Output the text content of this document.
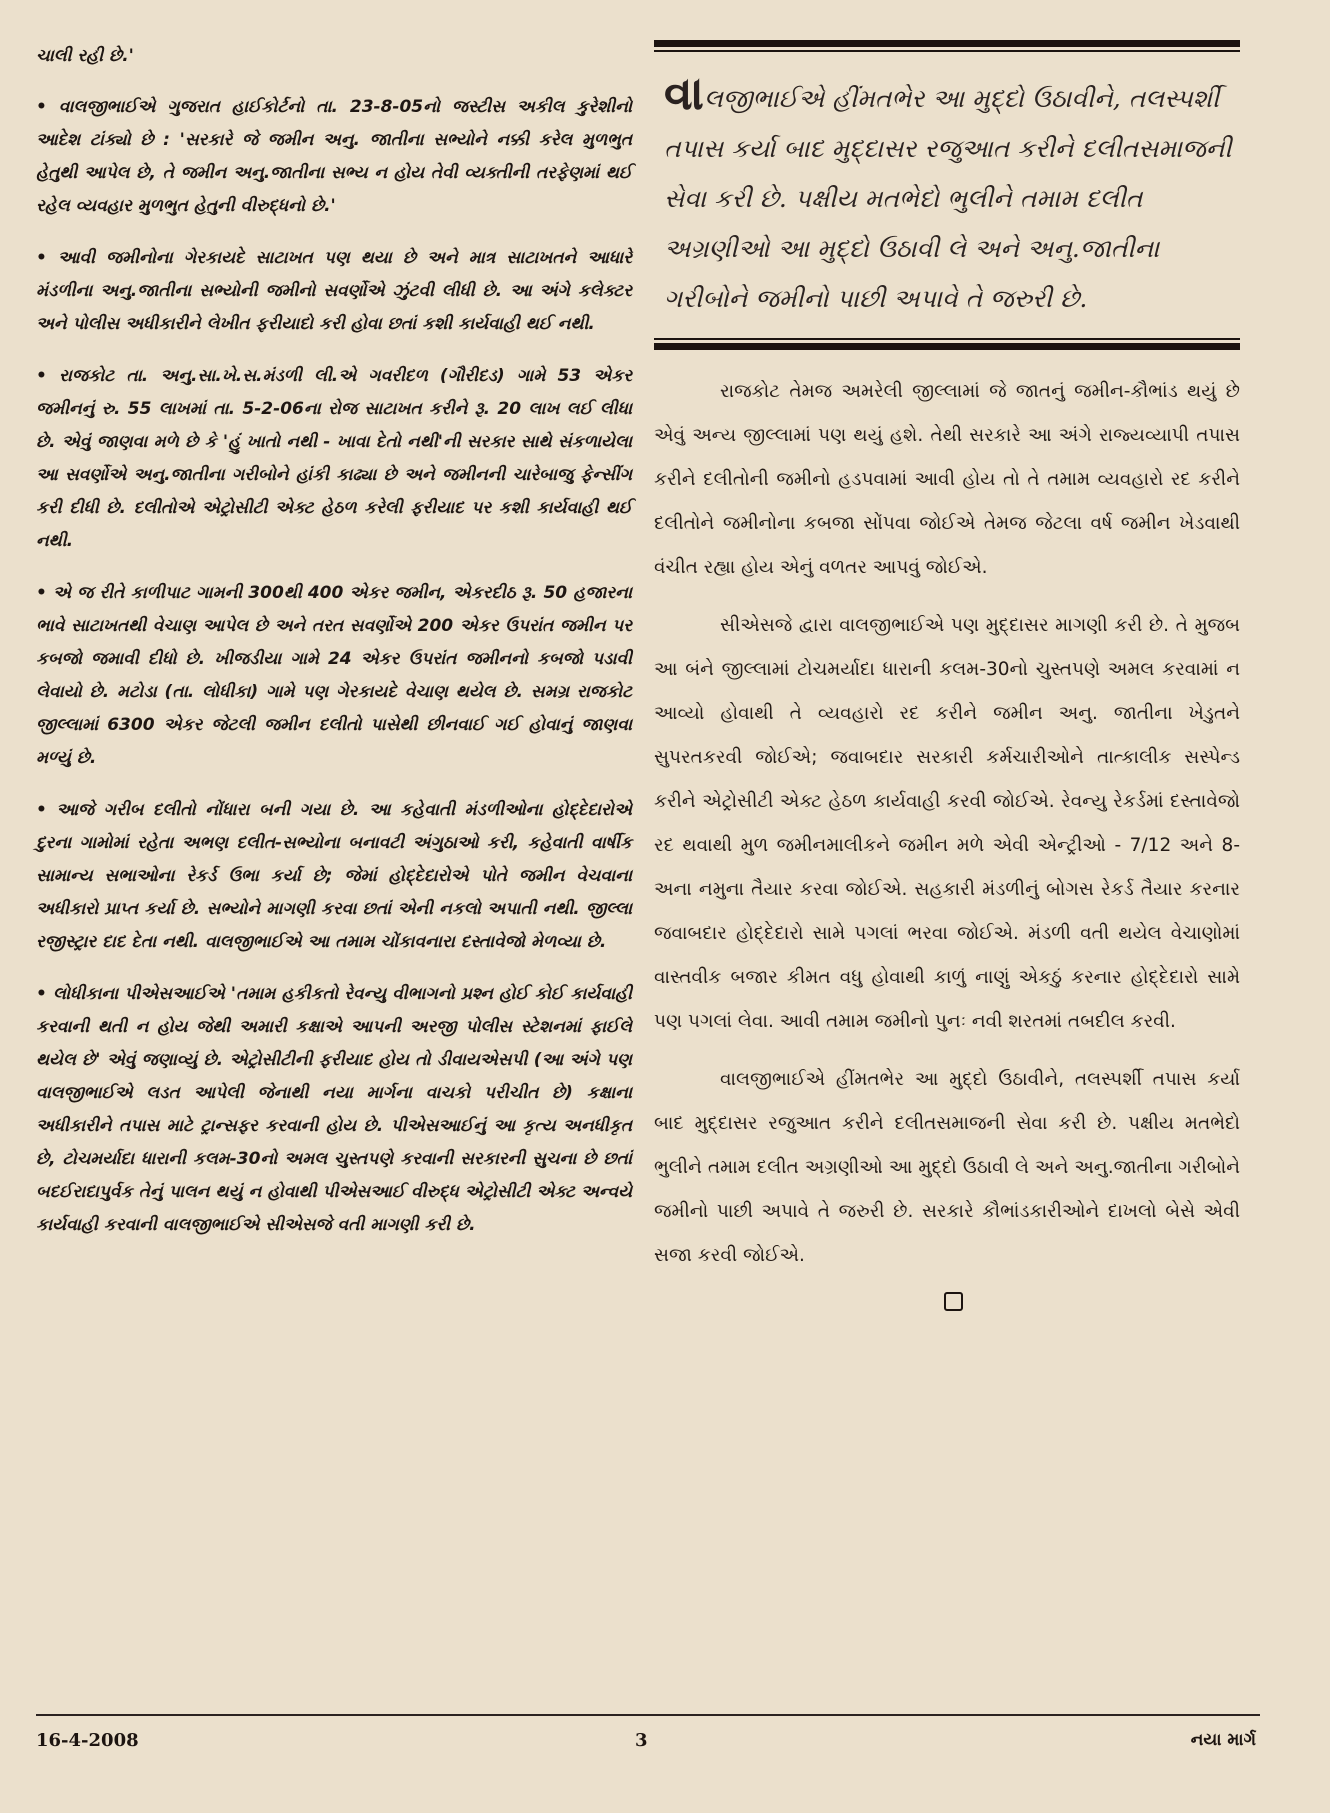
ચાલી રહી છે.'

• વાલજીભાઈએ ગુજરાત હાઈકોર્ટનો તા. 23-8-05નો જસ્ટીસ અકીલ કુરેશીનો આદેશ ટાંક્યો છે : 'સરકારે જે જમીન અનુ. જાતીના સભ્યોને નક્કી કરેલ મુળભુત હેતુથી આપેલ છે, તે જમીન અનુ.જાતીના સભ્ય ન હોય તેવી વ્યક્તીની તરફેણમાં થઈ રહેલ વ્યવહાર મુળભુત હેતુની વીરુદ્ધનો છે.'

• આવી જમીનોના ગેરકાયદે સાટાખત પણ થયા છે અને માત્ર સાટાખતને આધારે મંડળીના અનુ.જાતીના સભ્યોની જમીનો સવર્ણોએ ઝુંટવી લીધી છે. આ અંગે કલેક્ટર અને પોલીસ અધીકારીને લેખીત ફરીયાદો કરી હોવા છતાં કશી કાર્યવાહી થઈ નથી.

• રાજકોટ તા. અનુ.સા.ખે.સ.મંડળી લી.એ ગવરીદળ (ગૌરીદડ) ગામે 53 એકર જમીનનું રુ. 55 લાખમાં તા. 5-2-06ના રોજ સાટાખત કરીને રૂ. 20 લાખ લઈ લીધા છે. એવું જાણવા મળે છે કે 'હું ખાતો નથી - ખાવા દેતો નથી'ની સરકાર સાથે સંકળાયેલા આ સવર્ણોએ અનુ.જાતીના ગરીબોને હાંકી કાઢ્યા છે અને જમીનની ચારેબાજુ ફેન્સીંગ કરી દીધી છે. દલીતોએ એટ્રોસીટી એક્ટ હેઠળ કરેલી ફરીયાદ પર કશી કાર્યવાહી થઈ નથી.

• એ જ રીતે કાળીપાટ ગામની 300થી 400 એકર જમીન, એકરદીઠ રૂ. 50 હજારના ભાવે સાટાખતથી વેચાણ આપેલ છે અને તરત સવર્ણોએ 200 એકર ઉપરાંત જમીન પર કબજો જમાવી દીધો છે. ખીજડીયા ગામે 24 એકર ઉપરાંત જમીનનો કબજો પડાવી લેવાયો છે. મટોડા (તા. લોધીકા) ગામે પણ ગેરકાયદે વેચાણ થયેલ છે. સમગ્ર રાજકોટ જીલ્લામાં 6300 એકર જેટલી જમીન દલીતો પાસેથી છીનવાઈ ગઈ હોવાનું જાણવા મળ્યું છે.

• આજે ગરીબ દલીતો નોંધારા બની ગયા છે. આ કહેવાતી મંડળીઓના હોદ્દેદારોએ દુરના ગામોમાં રહેતા અભણ દલીત-સભ્યોના બનાવટી અંગુઠાઓ કરી, કહેવાતી વાર્ષીક સામાન્ય સભાઓના રેકર્ડ ઉભા કર્યા છે; જેમાં હોદ્દેદારોએ પોતે જમીન વેચવાના અધીકારો પ્રાપ્ત કર્યા છે. સભ્યોને માગણી કરવા છતાં એની નકલો અપાતી નથી. જીલ્લા રજીસ્ટ્રાર દાદ દેતા નથી. વાલજીભાઈએ આ તમામ ચોંકાવનારા દસ્તાવેજો મેળવ્યા છે.

• લોધીકાના પીએસઆઈએ 'તમામ હકીકતો રેવન્યુ વીભાગનો પ્રશ્ન હોઈ કોઈ કાર્યવાહી કરવાની થતી ન હોય જેથી અમારી કક્ષાએ આપની અરજી પોલીસ સ્ટેશનમાં ફાઈલે થયેલ છે' એવું જણાવ્યું છે. એટ્રોસીટીની ફરીયાદ હોય તો ડીવાયએસપી (આ અંગે પણ વાલજીભાઈએ લડત આપેલી જેનાથી નયા માર્ગના વાચકો પરીચીત છે) કક્ષાના અધીકારીને તપાસ માટે ટ્રાન્સફર કરવાની હોય છે. પીએસઆઈનું આ કૃત્ય અનધીકૃત છે, ટોચમર્યાદા ધારાની કલમ-30નો અમલ ચુસ્તપણે કરવાની સરકારની સુચના છે છતાં બદઈરાદાપુર્વક તેનું પાલન થયું ન હોવાથી પીએસઆઈ વીરુદ્ધ એટ્રોસીટી એક્ટ અન્વયે કાર્યવાહી કરવાની વાલજીભાઈએ સીએસજે વતી માગણી કરી છે.

વાલજીભાઈએ હીંમતભેર આ મુદ્દો ઉઠાવીને, તલસ્પર્શી તપાસ કર્યા બાદ મુદ્દાસર રજુઆત કરીને દલીતસમાજની સેવા કરી છે. પક્ષીય મતભેદો ભુલીને તમામ દલીત અગ્રણીઓ આ મુદ્દો ઉઠાવી લે અને અનુ.જાતીના ગરીબોને જમીનો પાછી અપાવે તે જરુરી છે.

રાજકોટ તેમજ અમરેલી જીલ્લામાં જે જાતનું જમીન-કૌભાંડ થયું છે એવું અન્ય જીલ્લામાં પણ થયું હશે. તેથી સરકારે આ અંગે રાજ્યવ્યાપી તપાસ કરીને દલીતોની જમીનો હડપવામાં આવી હોય તો તે તમામ વ્યવહારો રદ કરીને દલીતોને જમીનોના કબજા સોંપવા જોઈએ તેમજ જેટલા વર્ષ જમીન ખેડવાથી વંચીત રહ્યા હોય એનું વળતર આપવું જોઈએ.

સીએસજે દ્વારા વાલજીભાઈએ પણ મુદ્દાસર માગણી કરી છે. તે મુજબ આ બંને જીલ્લામાં ટોચમર્યાદા ધારાની કલમ-30નો ચુસ્તપણે અમલ કરવામાં ન આવ્યો હોવાથી તે વ્યવહારો રદ કરીને જમીન અનુ. જાતીના ખેડુતને સુપરતકરવી જોઈએ; જવાબદાર સરકારી કર્મચારીઓને તાત્કાલીક સસ્પેન્ડ કરીને એટ્રોસીટી એક્ટ હેઠળ કાર્યવાહી કરવી જોઈએ. રેવન્યુ રેકર્ડમાં દસ્તાવેજો રદ થવાથી મુળ જમીનમાલીકને જમીન મળે એવી એન્ટ્રીઓ - 7/12 અને 8-અના નમુના તૈયાર કરવા જોઈએ. સહકારી મંડળીનું બોગસ રેકર્ડ તૈયાર કરનાર જવાબદાર હોદ્દેદારો સામે પગલાં ભરવા જોઈએ. મંડળી વતી થયેલ વેચાણોમાં વાસ્તવીક બજાર કીમત વધુ હોવાથી કાળું નાણું એકઠું કરનાર હોદ્દેદારો સામે પણ પગલાં લેવા. આવી તમામ જમીનો પુનઃ નવી શરતમાં તબદીલ કરવી.

વાલજીભાઈએ હીંમતભેર આ મુદ્દો ઉઠાવીને, તલસ્પર્શી તપાસ કર્યા બાદ મુદ્દાસર રજુઆત કરીને દલીતસમાજની સેવા કરી છે. પક્ષીય મતભેદો ભુલીને તમામ દલીત અગ્રણીઓ આ મુદ્દો ઉઠાવી લે અને અનુ.જાતીના ગરીબોને જમીનો પાછી અપાવે તે જરુરી છે. સરકારે કૌભાંડકારીઓને દાખલો બેસે એવી સજા કરવી જોઈએ.

16-4-2008	3	નયા માર્ગ
